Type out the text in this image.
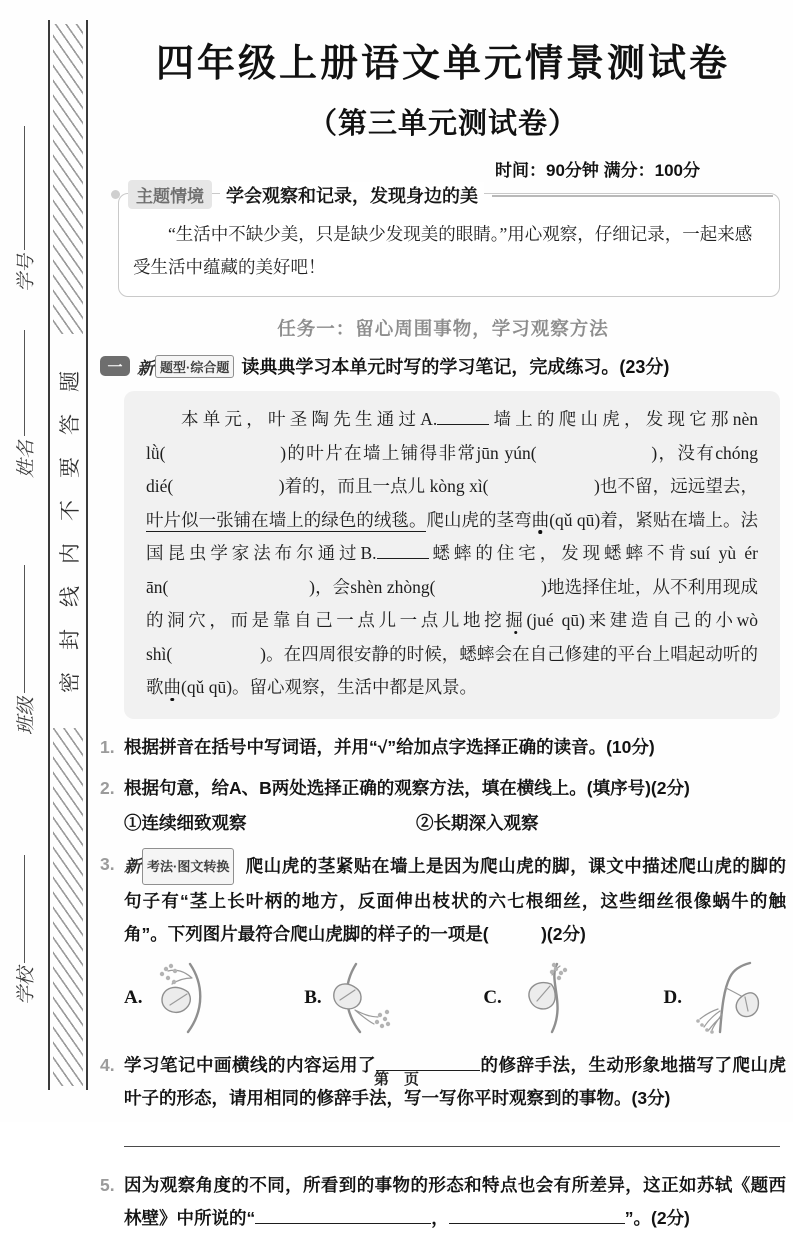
密封线内不要答题
学号
姓名
班级
学校
四年级上册语文单元情景测试卷
（第三单元测试卷）
时间：90分钟 满分：100分
主题情境	学会观察和记录，发现身边的美

“生活中不缺少美，只是缺少发现美的眼睛。”用心观察，仔细记录，一起来感受生活中蕴藏的美好吧！

任务一：留心周围事物，学习观察方法
一 新 题型·综合题 读典典学习本单元时写的学习笔记，完成练习。(23分)

本单元，叶圣陶先生通过A.	墙上的爬山虎，发现它那nèn lǜ(　　　　　　)的叶片在墙上铺得非常jūn yún(　　　　　　)，没有chóng dié(　　　　　　)着的，而且一点儿 kòng xì(　　　　　　)也不留，远远望去，叶片似一张铺在墙上的绿色的绒毯。爬山虎的茎弯曲(qǔ qū)着，紧贴在墙上。法国昆虫学家法布尔通过B.	蟋蟀的住宅，发现蟋蟀不肯suí yù ér ān(　　　　　　　　)，会shèn zhòng(　　　　　　)地选择住址，从不利用现成的洞穴，而是靠自己一点儿一点儿地挖掘(jué qū)来建造自己的小wò shì(　　　　　)。在四周很安静的时候，蟋蟀会在自己修建的平台上唱起动听的歌曲(qǔ qū)。留心观察，生活中都是风景。

1. 根据拼音在括号中写词语，并用“√”给加点字选择正确的读音。(10分)
2. 根据句意，给A、B两处选择正确的观察方法，填在横线上。(填序号)(2分)
①连续细致观察	②长期深入观察
3. 新 考法·图文转换 爬山虎的茎紧贴在墙上是因为爬山虎的脚，课文中描述爬山虎的脚的句子有“茎上长叶柄的地方，反面伸出枝状的六七根细丝，这些细丝很像蜗牛的触角”。下列图片最符合爬山虎脚的样子的一项是(　　　)(2分)
A.	B.	C.	D.
4. 学习笔记中画横线的内容运用了	的修辞手法，生动形象地描写了爬山虎叶子的形态，请用相同的修辞手法，写一写你平时观察到的事物。(3分)
5. 因为观察角度的不同，所看到的事物的形态和特点也会有所差异，这正如苏轼《题西林壁》中所说的“	，	”。(2分)
第　页
